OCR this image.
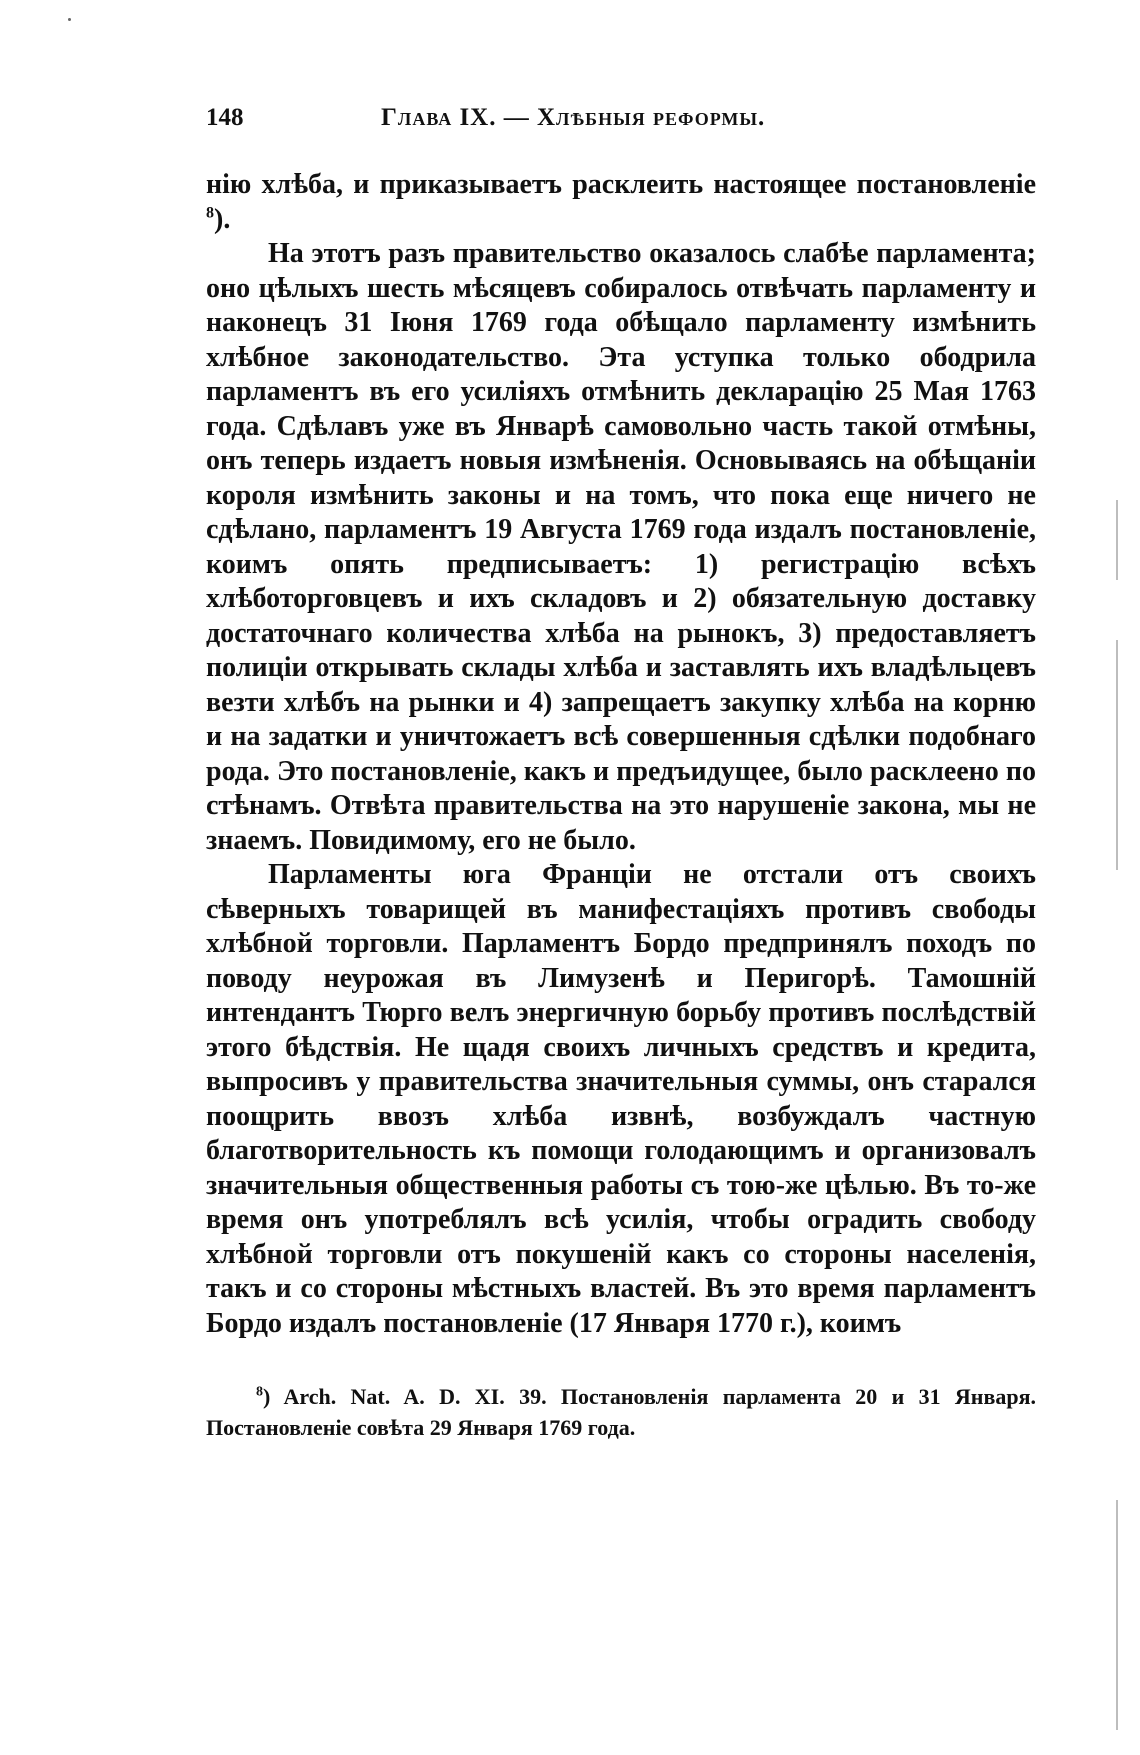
148	Глава IX. — Хлѣбныя реформы.

нію хлѣба, и приказываетъ расклеить настоящее постановленіе $^8$).

На этотъ разъ правительство оказалось слабѣе парламента; оно цѣлыхъ шесть мѣсяцевъ собиралось отвѣчать парламенту и наконецъ 31 Іюня 1769 года обѣщало парламенту измѣнить хлѣбное законодательство. Эта уступка только ободрила парламентъ въ его усиліяхъ отмѣнить декларацію 25 Мая 1763 года. Сдѣлавъ уже въ Январѣ самовольно часть такой отмѣны, онъ теперь издаетъ новыя измѣненія. Основываясь на обѣщаніи короля измѣнить законы и на томъ, что пока еще ничего не сдѣлано, парламентъ 19 Августа 1769 года издалъ постановленіе, коимъ опять предписываетъ: 1) регистрацію всѣхъ хлѣботорговцевъ и ихъ складовъ и 2) обязательную доставку достаточнаго количества хлѣба на рынокъ, 3) предоставляетъ полиціи открывать склады хлѣба и заставлять ихъ владѣльцевъ везти хлѣбъ на рынки и 4) запрещаетъ закупку хлѣба на корню и на задатки и уничтожаетъ всѣ совершенныя сдѣлки подобнаго рода. Это постановленіе, какъ и предъидущее, было расклеено по стѣнамъ. Отвѣта правительства на это нарушеніе закона, мы не знаемъ. Повидимому, его не было.

Парламенты юга Франціи не отстали отъ своихъ сѣверныхъ товарищей въ манифестаціяхъ противъ свободы хлѣбной торговли. Парламентъ Бордо предпринялъ походъ по поводу неурожая въ Лимузенѣ и Перигорѣ. Тамошній интендантъ Тюрго велъ энергичную борьбу противъ послѣдствій этого бѣдствія. Не щадя своихъ личныхъ средствъ и кредита, выпросивъ у правительства значительныя суммы, онъ старался поощрить ввозъ хлѣба извнѣ, возбуждалъ частную благотворительность къ помощи голодающимъ и организовалъ значительныя общественныя работы съ тою-же цѣлью. Въ то-же время онъ употреблялъ всѣ усилія, чтобы оградить свободу хлѣбной торговли отъ покушеній какъ со стороны населенія, такъ и со стороны мѣстныхъ властей. Въ это время парламентъ Бордо издалъ постановленіе (17 Января 1770 г.), коимъ

$^8$) Arch. Nat. A. D. XI. 39. Постановленія парламента 20 и 31 Января. Постановленіе совѣта 29 Января 1769 года.
